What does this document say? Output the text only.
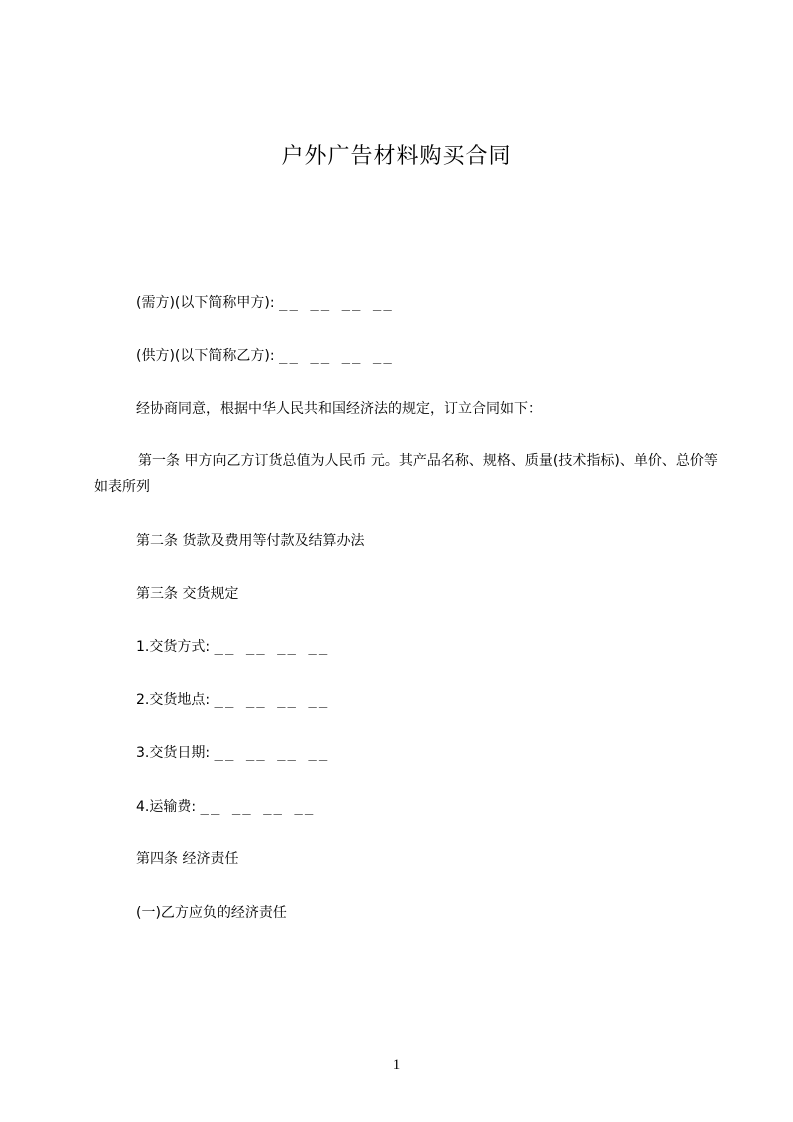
户外广告材料购买合同
(需方)(以下简称甲方): __ __ __ __
(供方)(以下简称乙方): __ __ __ __
经协商同意，根据中华人民共和国经济法的规定，订立合同如下：
第一条 甲方向乙方订货总值为人民币 元。其产品名称、规格、质量(技术指标)、单价、总价等如表所列
第二条 货款及费用等付款及结算办法
第三条 交货规定
1.交货方式: __ __ __ __
2.交货地点: __ __ __ __
3.交货日期: __ __ __ __
4.运输费: __ __ __ __
第四条 经济责任
(一)乙方应负的经济责任
1
